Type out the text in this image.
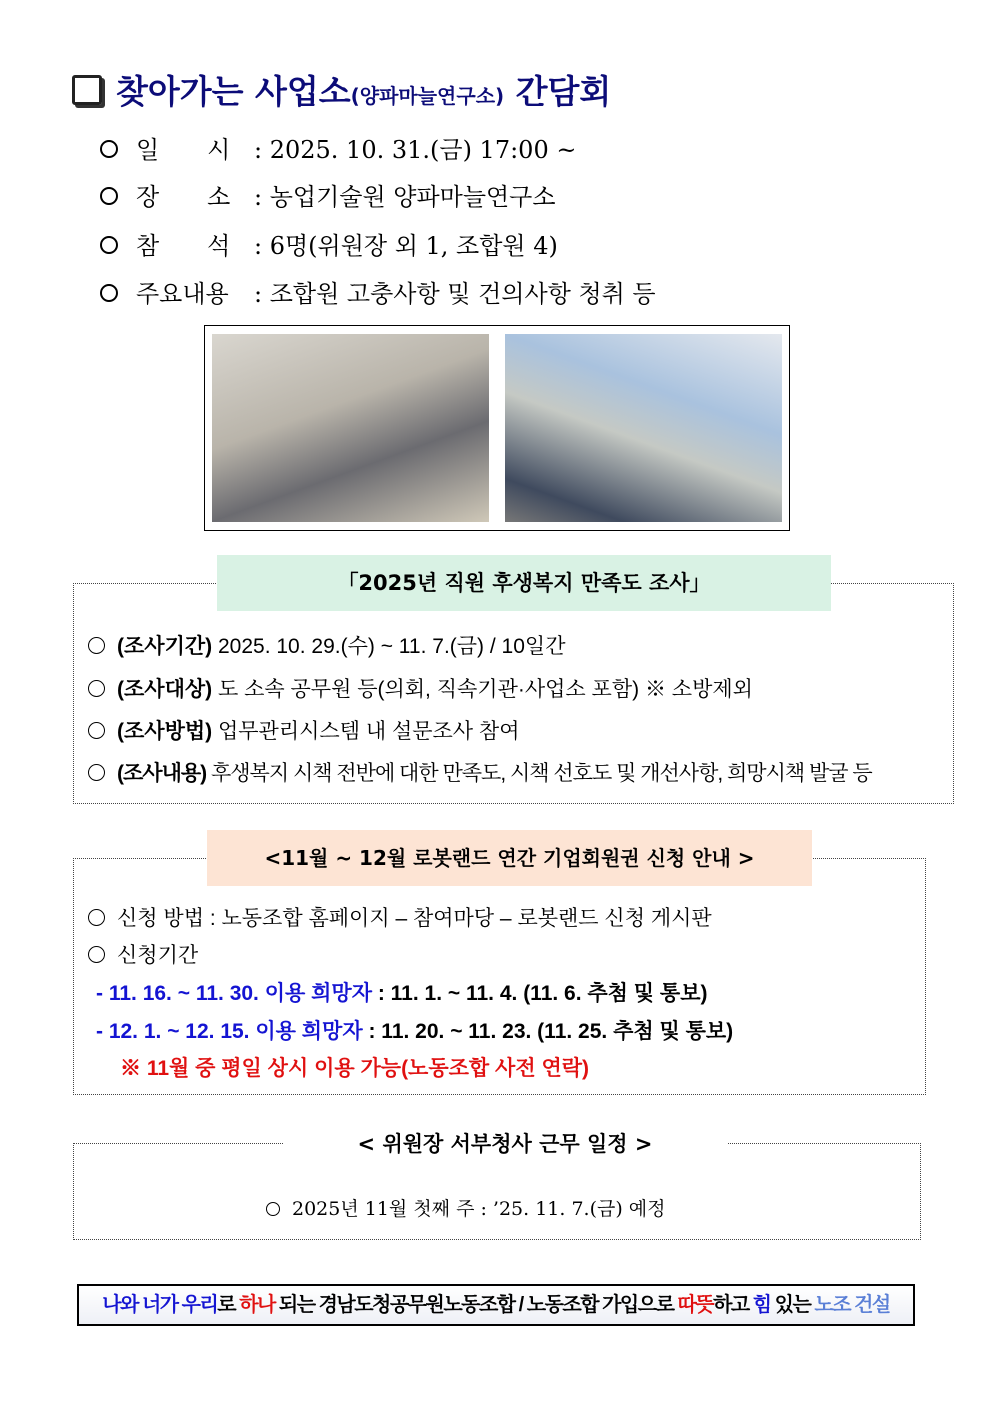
찾아가는 사업소(양파마늘연구소) 간담회
일　　시 : 2025. 10. 31.(금) 17:00 ~
장　　소 : 농업기술원 양파마늘연구소
참　　석 : 6명(위원장 외 1, 조합원 4)
주요내용 : 조합원 고충사항 및 건의사항 청취 등
「2025년 직원 후생복지 만족도 조사」
(조사기간) 2025. 10. 29.(수) ~ 11. 7.(금) / 10일간
(조사대상) 도 소속 공무원 등(의회, 직속기관·사업소 포함) ※ 소방제외
(조사방법) 업무관리시스템 내 설문조사 참여
(조사내용) 후생복지 시책 전반에 대한 만족도, 시책 선호도 및 개선사항, 희망시책 발굴 등
<11월 ~ 12월 로봇랜드 연간 기업회원권 신청 안내 >
신청 방법 : 노동조합 홈페이지 – 참여마당 – 로봇랜드 신청 게시판
신청기간
- 11. 16. ~ 11. 30. 이용 희망자 : 11. 1. ~ 11. 4. (11. 6. 추첨 및 통보)
- 12. 1. ~ 12. 15. 이용 희망자 : 11. 20. ~ 11. 23. (11. 25. 추첨 및 통보)
※ 11월 중 평일 상시 이용 가능(노동조합 사전 연락)
< 위원장 서부청사 근무 일정 >
2025년 11월 첫째 주 : ’25. 11. 7.(금) 예정
나와 너가 우리로 하나 되는 경남도청공무원노동조합 / 노동조합 가입으로 따뜻하고 힘 있는 노조 건설
